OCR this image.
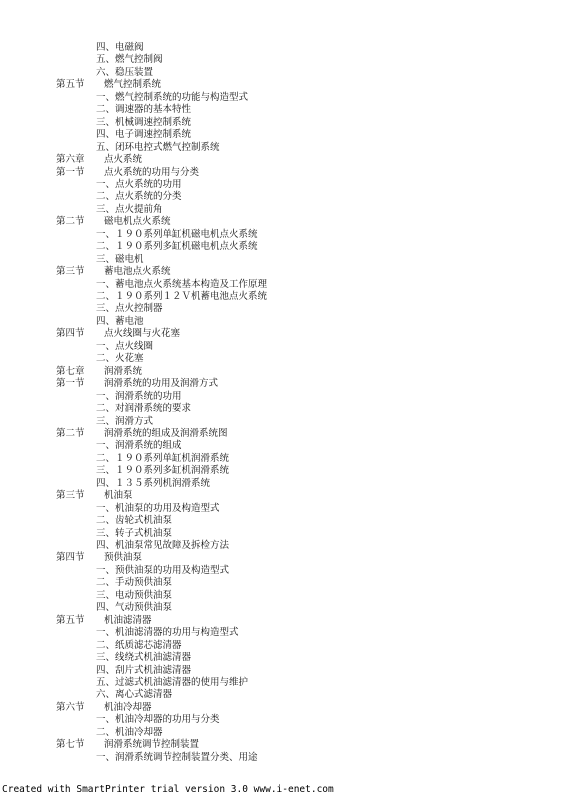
四、电磁阀
五、燃气控制阀
六、稳压装置
第五节 燃气控制系统
一、燃气控制系统的功能与构造型式
二、调速器的基本特性
三、机械调速控制系统
四、电子调速控制系统
五、闭环电控式燃气控制系统
第六章 点火系统
第一节 点火系统的功用与分类
一、点火系统的功用
二、点火系统的分类
三、点火提前角
第二节 磁电机点火系统
一、１９０系列单缸机磁电机点火系统
二、１９０系列多缸机磁电机点火系统
三、磁电机
第三节 蓄电池点火系统
一、蓄电池点火系统基本构造及工作原理
二、１９０系列１２Ｖ机蓄电池点火系统
三、点火控制器
四、蓄电池
第四节 点火线圈与火花塞
一、点火线圈
二、火花塞
第七章 润滑系统
第一节 润滑系统的功用及润滑方式
一、润滑系统的功用
二、对润滑系统的要求
三、润滑方式
第二节 润滑系统的组成及润滑系统图
一、润滑系统的组成
二、１９０系列单缸机润滑系统
三、１９０系列多缸机润滑系统
四、１３５系列机润滑系统
第三节 机油泵
一、机油泵的功用及构造型式
二、齿轮式机油泵
三、转子式机油泵
四、机油泵常见故障及拆检方法
第四节 预供油泵
一、预供油泵的功用及构造型式
二、手动预供油泵
三、电动预供油泵
四、气动预供油泵
第五节 机油滤清器
一、机油滤清器的功用与构造型式
二、纸质滤芯滤清器
三、线绕式机油滤清器
四、刮片式机油滤清器
五、过滤式机油滤清器的使用与维护
六、离心式滤清器
第六节 机油冷却器
一、机油冷却器的功用与分类
二、机油冷却器
第七节 润滑系统调节控制装置
一、润滑系统调节控制装置分类、用途
Created with SmartPrinter trial version 3.0 www.i-enet.com
